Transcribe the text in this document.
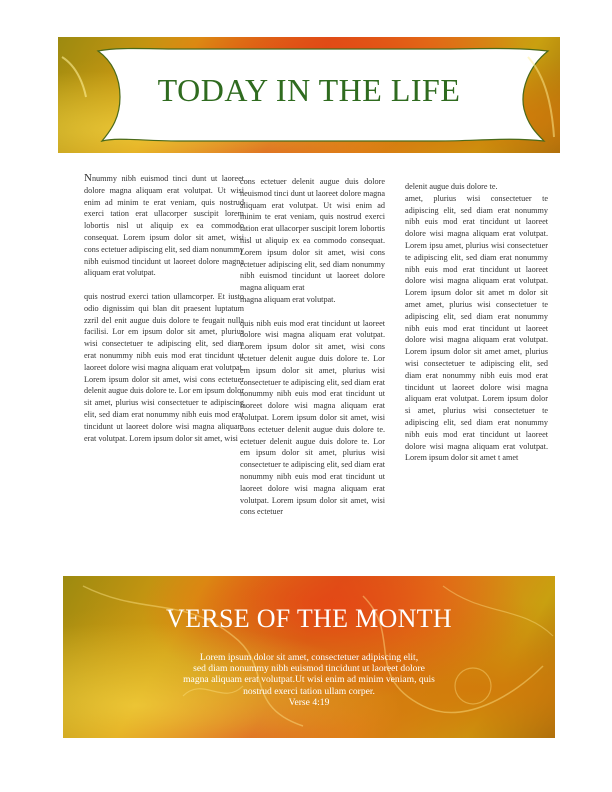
TODAY IN THE LIFE

Nnummy nibh euismod tinci dunt ut laoreet dolore magna aliquam erat volutpat. Ut wisi enim ad minim te erat veniam, quis nostrud exerci tation erat ullacorper suscipit lorem lobortis nisl ut aliquip ex ea commodo consequat. Lorem ipsum dolor sit amet, wisi cons ectetuer adipiscing elit, sed diam nonummy nibh euismod tincidunt ut laoreet dolore magna aliquam erat volutpat.

quis nostrud exerci tation ullamcorper. Et iusto odio dignissim qui blan dit praesent luptatum zzril del enit augue duis dolore te feugait nulla facilisi. Lor em ipsum dolor sit amet, plurius wisi consectetuer te adipiscing elit, sed diam erat nonummy nibh euis mod erat tincidunt ut laoreet dolore wisi magna aliquam erat volutpat. Lorem ipsum dolor sit amet, wisi cons ectetuer delenit augue duis dolore te. Lor em ipsum dolor sit amet, plurius wisi consectetuer te adipiscing elit, sed diam erat nonummy nibh euis mod erat tincidunt ut laoreet dolore wisi magna aliquam erat volutpat. Lorem ipsum dolor sit amet, wisi

cons ectetuer delenit augue duis dolore neuismod tinci dunt ut laoreet dolore magna aliquam erat volutpat. Ut wisi enim ad minim te erat veniam, quis nostrud exerci tation erat ullacorper suscipit lorem lobortis nisl ut aliquip ex ea commodo consequat. Lorem ipsum dolor sit amet, wisi cons ectetuer adipiscing elit, sed diam nonummy nibh euismod tincidunt ut laoreet dolore magna aliquam erat

magna aliquam erat volutpat.

quis nibh euis mod erat tincidunt ut laoreet dolore wisi magna aliquam erat volutpat. Lorem ipsum dolor sit amet, wisi cons ectetuer delenit augue duis dolore te. Lor em ipsum dolor sit amet, plurius wisi consectetuer te adipiscing elit, sed diam erat nonummy nibh euis mod erat tincidunt ut laoreet dolore wisi magna aliquam erat volutpat. Lorem ipsum dolor sit amet, wisi cons ectetuer delenit augue duis dolore te. ectetuer delenit augue duis dolore te. Lor em ipsum dolor sit amet, plurius wisi consectetuer te adipiscing elit, sed diam erat nonummy nibh euis mod erat tincidunt ut laoreet dolore wisi magna aliquam erat volutpat. Lorem ipsum dolor sit amet, wisi cons ectetuer

delenit augue duis dolore te.

amet, plurius wisi consectetuer te adipiscing elit, sed diam erat nonummy nibh euis mod erat tincidunt ut laoreet dolore wisi magna aliquam erat volutpat. Lorem ipsu amet, plurius wisi consectetuer te adipiscing elit, sed diam erat nonummy nibh euis mod erat tincidunt ut laoreet dolore wisi magna aliquam erat volutpat. Lorem ipsum dolor sit amet m dolor sit amet amet, plurius wisi consectetuer te adipiscing elit, sed diam erat nonummy nibh euis mod erat tincidunt ut laoreet dolore wisi magna aliquam erat volutpat. Lorem ipsum dolor sit amet amet, plurius wisi consectetuer te adipiscing elit, sed diam erat nonummy nibh euis mod erat tincidunt ut laoreet dolore wisi magna aliquam erat volutpat. Lorem ipsum dolor si amet, plurius wisi consectetuer te adipiscing elit, sed diam erat nonummy nibh euis mod erat tincidunt ut laoreet dolore wisi magna aliquam erat volutpat. Lorem ipsum dolor sit amet t amet

VERSE OF THE MONTH
Lorem ipsum dolor sit amet, consectetuer adipiscing elit,
sed diam nonummy nibh euismod tincidunt ut laoreet dolore
magna aliquam erat volutpat.Ut wisi enim ad minim veniam, quis
nostrud exerci tation ullam corper.
Verse 4:19
